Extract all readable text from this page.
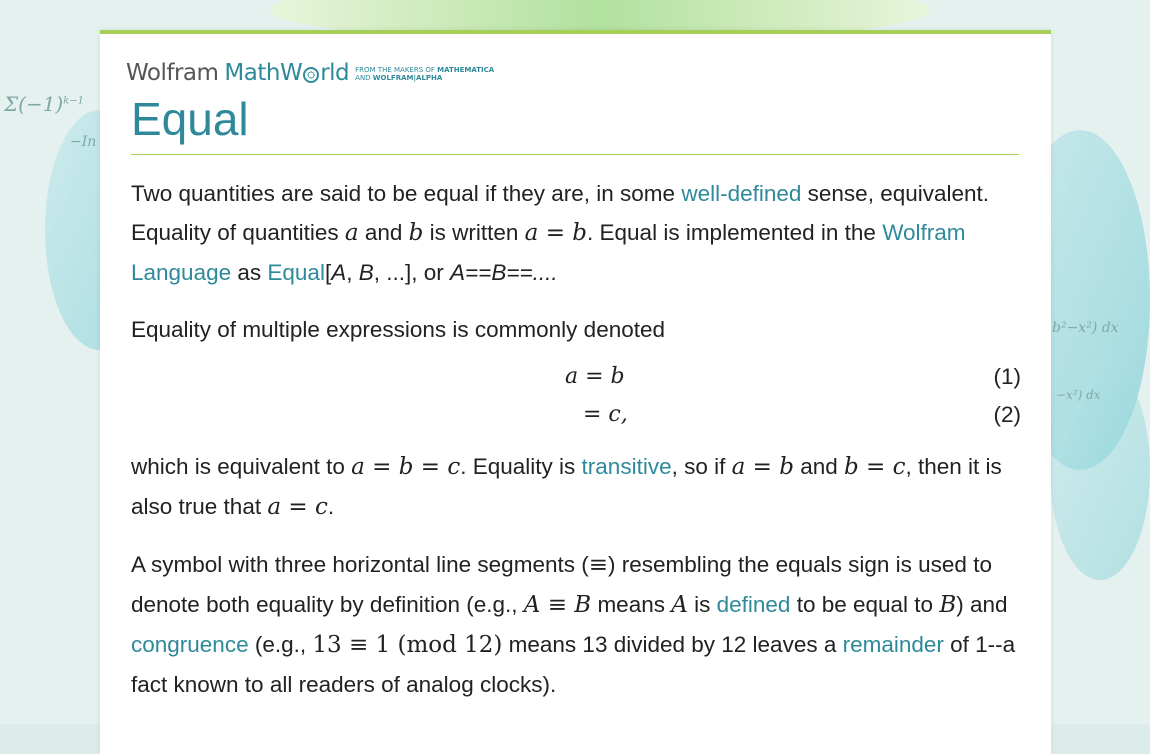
$\Sigma(-1)^{k-1}$
−In
b²−x²) dx
−x²) dx
Wolfram MathW rld FROM THE MAKERS OF MATHEMATICA
AND WOLFRAM|ALPHA
Equal

Two quantities are said to be equal if they are, in some well-defined sense, equivalent. Equality of quantities a and b is written a = b. Equal is implemented in the Wolfram Language as Equal[A, B, ...], or A==B==....

Equality of multiple expressions is commonly denoted

a = b	(1)
= c,	(2)

which is equivalent to a = b = c. Equality is transitive, so if a = b and b = c, then it is also true that a = c.

A symbol with three horizontal line segments (≡) resembling the equals sign is used to denote both equality by definition (e.g., A ≡ B means A is defined to be equal to B) and congruence (e.g., 13 ≡ 1 (mod 12) means 13 divided by 12 leaves a remainder of 1--a fact known to all readers of analog clocks).
